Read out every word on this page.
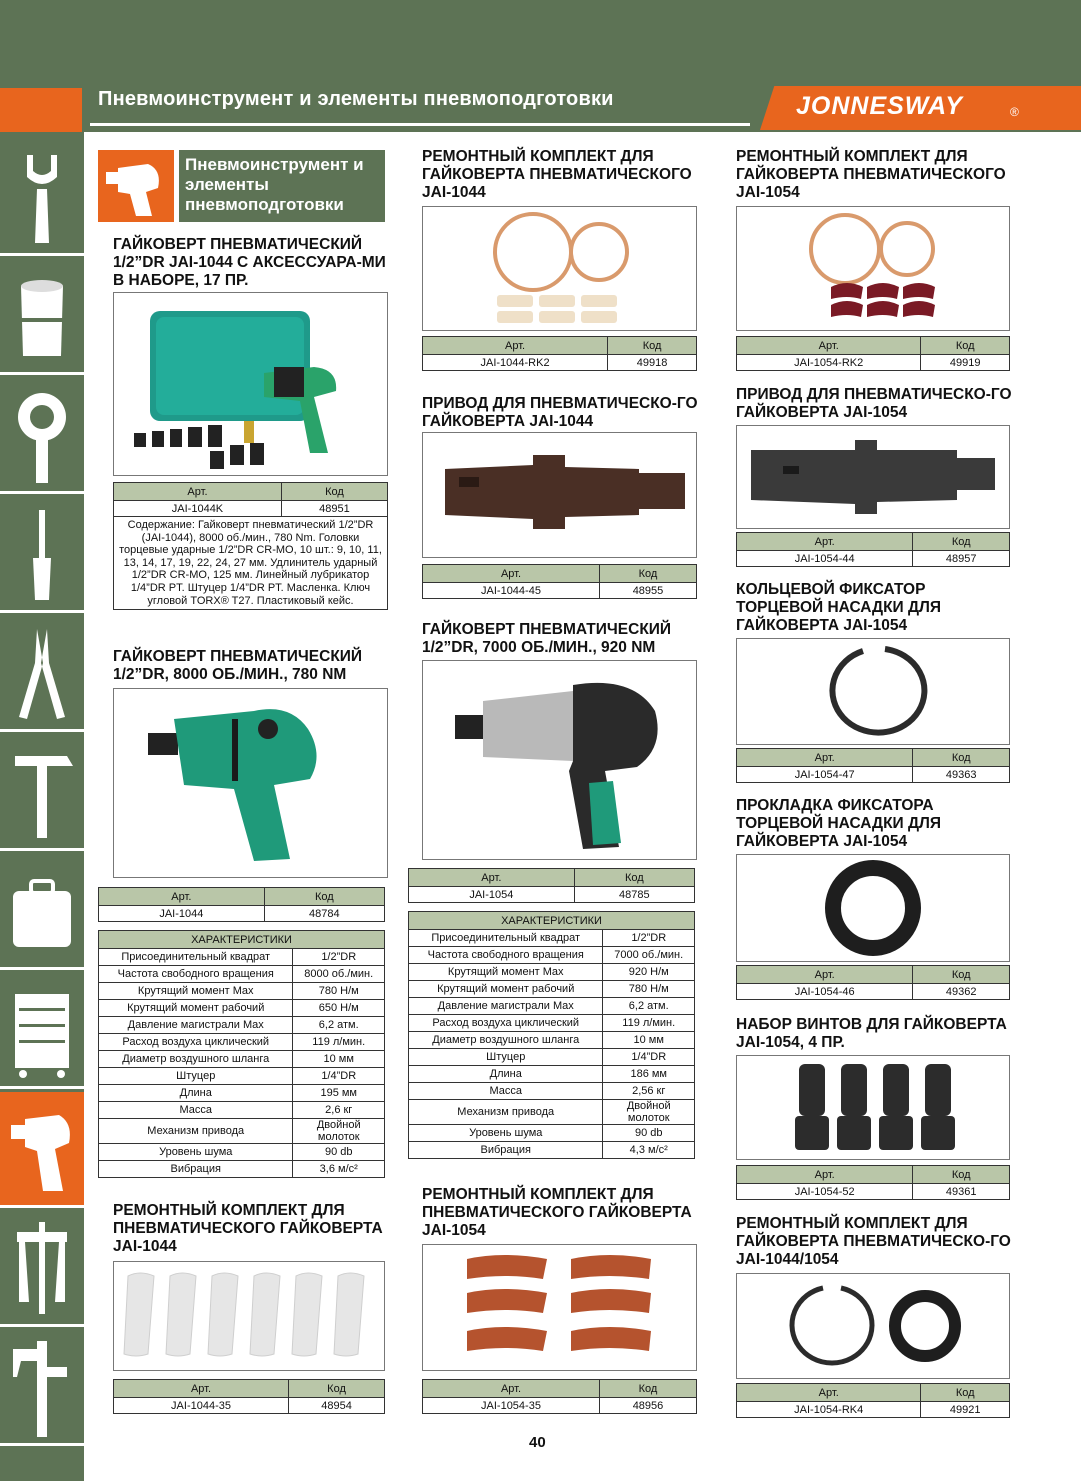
Пневмоинструмент и элементы пневмоподготовки	JONNESWAY	®
Пневмоинструмент и элементы пневмоподготовки
ГАЙКОВЕРТ ПНЕВМАТИЧЕСКИЙ 1/2”DR JAI-1044 С АКСЕССУАРА-МИ В НАБОРЕ, 17 ПР.
Арт.	Код
JAI-1044K	48951
Содержание: Гайковерт пневматический 1/2”DR (JAI-1044), 8000 об./мин., 780 Nm. Головки торцевые ударные 1/2”DR CR-MO, 10 шт.: 9, 10, 11, 13, 14, 17, 19, 22, 24, 27 мм. Удлинитель ударный 1/2”DR CR-MO, 125 мм. Линейный лубрикатор 1/4”DR PT. Штуцер 1/4”DR PT. Масленка. Ключ угловой TORX® T27. Пластиковый кейс.
ГАЙКОВЕРТ ПНЕВМАТИЧЕСКИЙ 1/2”DR, 8000 ОБ./МИН., 780 NM
Арт.	Код
JAI-1044	48784
ХАРАКТЕРИСТИКИ	
Присоединительный квадрат	1/2”DR
Частота свободного вращения	8000 об./мин.
Крутящий момент Max	780 Н/м
Крутящий момент рабочий	650 Н/м
Давление магистрали Max	6,2 атм.
Расход воздуха циклический	119 л/мин.
Диаметр воздушного шланга	10 мм
Штуцер	1/4”DR
Длина	195 мм
Масса	2,6 кг
Механизм привода	Двойной молоток
Уровень шума	90 db
Вибрация	3,6 м/с²
РЕМОНТНЫЙ КОМПЛЕКТ ДЛЯ ПНЕВМАТИЧЕСКОГО ГАЙКОВЕРТА JAI-1044
Арт.	Код
JAI-1044-35	48954
РЕМОНТНЫЙ КОМПЛЕКТ ДЛЯ ГАЙКОВЕРТА ПНЕВМАТИЧЕСКОГО JAI-1044
Арт.	Код
JAI-1044-RK2	49918
ПРИВОД ДЛЯ ПНЕВМАТИЧЕСКО-ГО ГАЙКОВЕРТА JAI-1044
Арт.	Код
JAI-1044-45	48955
ГАЙКОВЕРТ ПНЕВМАТИЧЕСКИЙ 1/2”DR, 7000 ОБ./МИН., 920 NM
Арт.	Код
JAI-1054	48785
ХАРАКТЕРИСТИКИ	
Присоединительный квадрат	1/2”DR
Частота свободного вращения	7000 об./мин.
Крутящий момент Max	920 Н/м
Крутящий момент рабочий	780 Н/м
Давление магистрали Max	6,2 атм.
Расход воздуха циклический	119 л/мин.
Диаметр воздушного шланга	10 мм
Штуцер	1/4”DR
Длина	186 мм
Масса	2,56 кг
Механизм привода	Двойной молоток
Уровень шума	90 db
Вибрация	4,3 м/с²
РЕМОНТНЫЙ КОМПЛЕКТ ДЛЯ ПНЕВМАТИЧЕСКОГО ГАЙКОВЕРТА JAI-1054
Арт.	Код
JAI-1054-35	48956
РЕМОНТНЫЙ КОМПЛЕКТ ДЛЯ ГАЙКОВЕРТА ПНЕВМАТИЧЕСКОГО JAI-1054
Арт.	Код
JAI-1054-RK2	49919
ПРИВОД ДЛЯ ПНЕВМАТИЧЕСКО-ГО ГАЙКОВЕРТА JAI-1054
Арт.	Код
JAI-1054-44	48957
КОЛЬЦЕВОЙ ФИКСАТОР ТОРЦЕВОЙ НАСАДКИ ДЛЯ ГАЙКОВЕРТА JAI-1054
Арт.	Код
JAI-1054-47	49363
ПРОКЛАДКА ФИКСАТОРА ТОРЦЕВОЙ НАСАДКИ ДЛЯ ГАЙКОВЕРТА JAI-1054
Арт.	Код
JAI-1054-46	49362
НАБОР ВИНТОВ ДЛЯ ГАЙКОВЕРТА JAI-1054, 4 ПР.
Арт.	Код
JAI-1054-52	49361
РЕМОНТНЫЙ КОМПЛЕКТ ДЛЯ ГАЙКОВЕРТА ПНЕВМАТИЧЕСКО-ГО JAI-1044/1054
Арт.	Код
JAI-1054-RK4	49921
40
